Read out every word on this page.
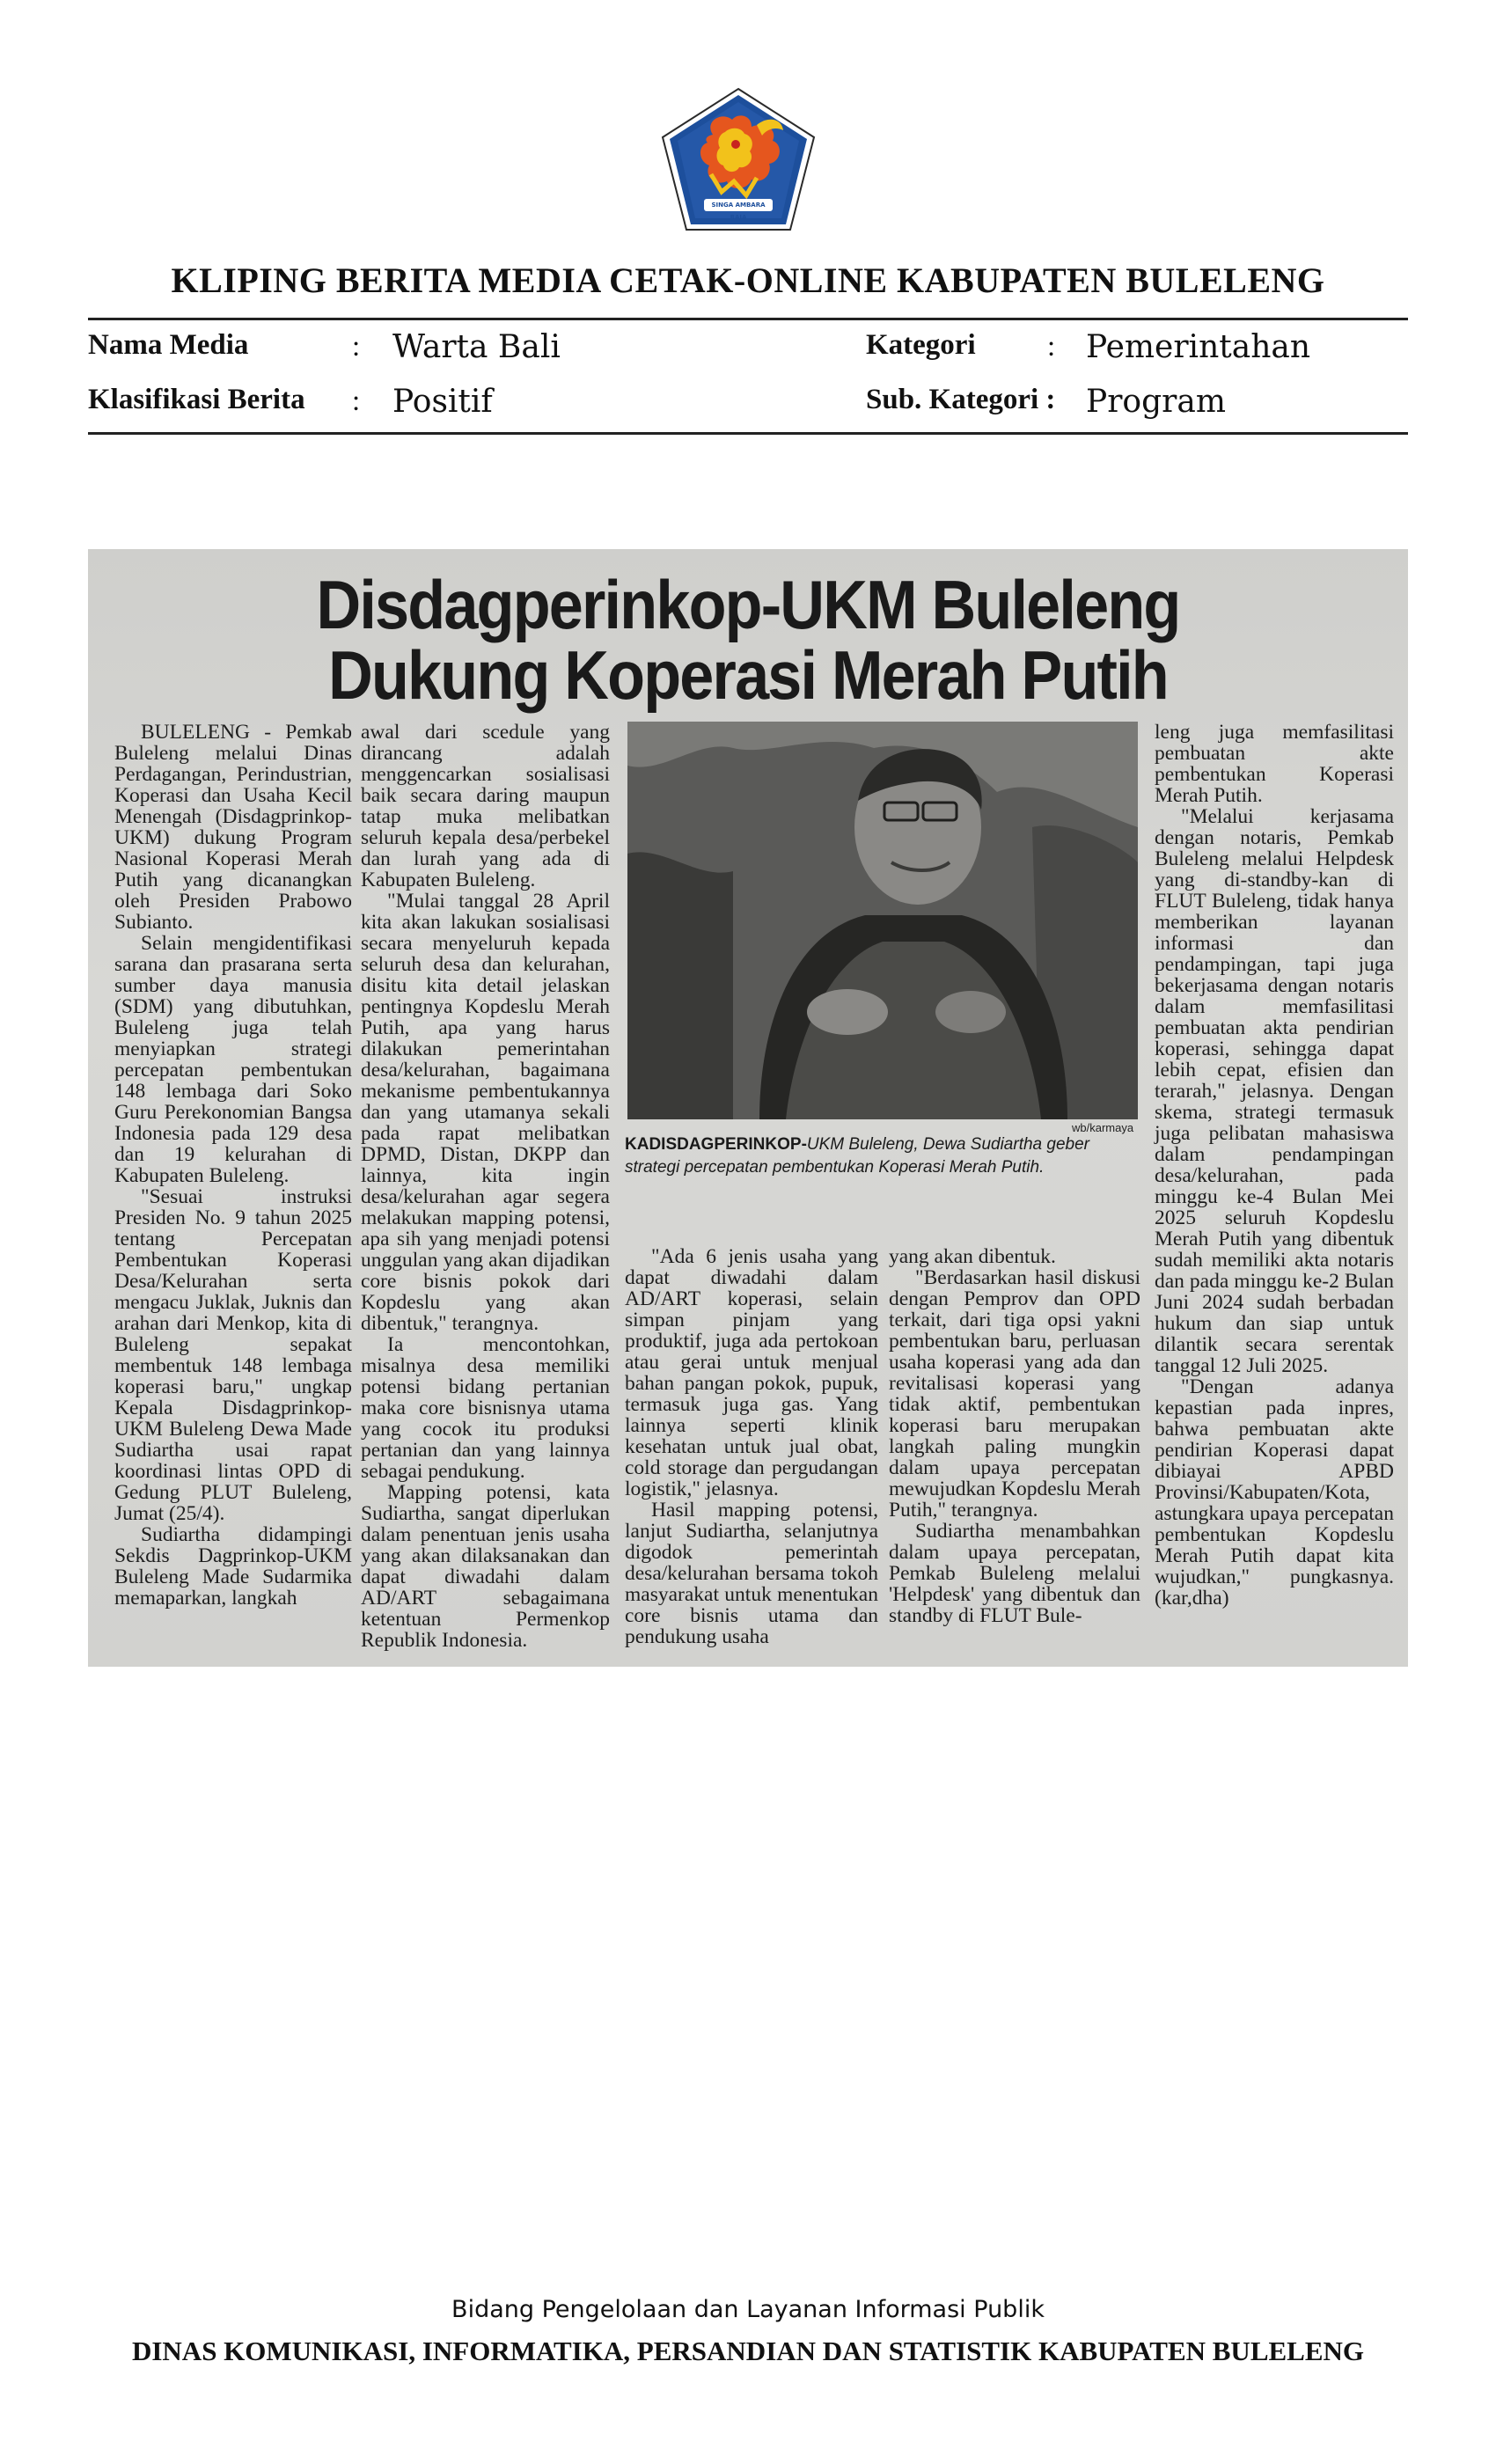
SINGA AMBARA RAJA
KLIPING BERITA MEDIA CETAK-ONLINE KABUPATEN BULELENG
Nama Media	: Warta Bali	Kategori : Pemerintahan
Klasifikasi Berita : Positif	Sub. Kategori : Program
Disdagperinkop-UKM Buleleng
Dukung Koperasi Merah Putih

BULELENG - Pemkab Buleleng melalui Dinas Perdagangan, Perindustrian, Koperasi dan Usaha Kecil Menengah (Disdagprinkop-UKM) dukung Program Nasional Koperasi Merah Putih yang dicanangkan oleh Presiden Prabowo Subianto.

Selain mengidentifikasi sarana dan prasarana serta sumber daya manusia (SDM) yang dibutuhkan, Buleleng juga telah menyiapkan strategi percepatan pembentukan 148 lembaga dari Soko Guru Perekonomian Bangsa Indonesia pada 129 desa dan 19 kelurahan di Kabupaten Buleleng.

"Sesuai instruksi Presiden No. 9 tahun 2025 tentang Percepatan Pembentukan Koperasi Desa/Kelurahan serta mengacu Juklak, Juknis dan arahan dari Menkop, kita di Buleleng sepakat membentuk 148 lembaga koperasi baru," ungkap Kepala Disdagprinkop-UKM Buleleng Dewa Made Sudiartha usai rapat koordinasi lintas OPD di Gedung PLUT Buleleng, Jumat (25/4).

Sudiartha didampingi Sekdis Dagprinkop-UKM Buleleng Made Sudarmika memaparkan, langkah

awal dari scedule yang dirancang adalah menggencarkan sosialisasi baik secara daring maupun tatap muka melibatkan seluruh kepala desa/perbekel dan lurah yang ada di Kabupaten Buleleng.

"Mulai tanggal 28 April kita akan lakukan sosialisasi secara menyeluruh kepada seluruh desa dan kelurahan, disitu kita detail jelaskan pentingnya Kopdeslu Merah Putih, apa yang harus dilakukan pemerintahan desa/kelurahan, bagaimana mekanisme pembentukannya dan yang utamanya sekali pada rapat melibatkan DPMD, Distan, DKPP dan lainnya, kita ingin desa/kelurahan agar segera melakukan mapping potensi, apa sih yang menjadi potensi unggulan yang akan dijadikan core bisnis pokok dari Kopdeslu yang akan dibentuk," terangnya.

Ia mencontohkan, misalnya desa memiliki potensi bidang pertanian maka core bisnisnya utama yang cocok itu produksi pertanian dan yang lainnya sebagai pendukung.

Mapping potensi, kata Sudiartha, sangat diperlukan dalam penentuan jenis usaha yang akan dilaksanakan dan dapat diwadahi dalam AD/ART sebagaimana ketentuan Permenkop Republik Indonesia.

wb/karmaya
KADISDAGPERINKOP-UKM Buleleng, Dewa Sudiartha geber strategi percepatan pembentukan Koperasi Merah Putih.

"Ada 6 jenis usaha yang dapat diwadahi dalam AD/ART koperasi, selain simpan pinjam yang produktif, juga ada pertokoan atau gerai untuk menjual bahan pangan pokok, pupuk, termasuk juga gas. Yang lainnya seperti klinik kesehatan untuk jual obat, cold storage dan pergudangan logistik," jelasnya.

Hasil mapping potensi, lanjut Sudiartha, selanjutnya digodok pemerintah desa/kelurahan bersama tokoh masyarakat untuk menentukan core bisnis utama dan pendukung usaha

yang akan dibentuk.

"Berdasarkan hasil diskusi dengan Pemprov dan OPD terkait, dari tiga opsi yakni pembentukan baru, perluasan usaha koperasi yang ada dan revitalisasi koperasi yang tidak aktif, pembentukan koperasi baru merupakan langkah paling mungkin dalam upaya percepatan mewujudkan Kopdeslu Merah Putih," terangnya.

Sudiartha menambahkan dalam upaya percepatan, Pemkab Buleleng melalui 'Helpdesk' yang dibentuk dan standby di FLUT Bule-

leng juga memfasilitasi pembuatan akte pembentukan Koperasi Merah Putih.

"Melalui kerjasama dengan notaris, Pemkab Buleleng melalui Helpdesk yang di-standby-kan di FLUT Buleleng, tidak hanya memberikan layanan informasi dan pendampingan, tapi juga bekerjasama dengan notaris dalam memfasilitasi pembuatan akta pendirian koperasi, sehingga dapat lebih cepat, efisien dan terarah," jelasnya. Dengan skema, strategi termasuk juga pelibatan mahasiswa dalam pendampingan desa/kelurahan, pada minggu ke-4 Bulan Mei 2025 seluruh Kopdeslu Merah Putih yang dibentuk sudah memiliki akta notaris dan pada minggu ke-2 Bulan Juni 2024 sudah berbadan hukum dan siap untuk dilantik secara serentak tanggal 12 Juli 2025.

"Dengan adanya kepastian pada inpres, bahwa pembuatan akte pendirian Koperasi dapat dibiayai APBD Provinsi/Kabupaten/Kota, astungkara upaya percepatan pembentukan Kopdeslu Merah Putih dapat kita wujudkan," pungkasnya. (kar,dha)

Bidang Pengelolaan dan Layanan Informasi Publik
DINAS KOMUNIKASI, INFORMATIKA, PERSANDIAN DAN STATISTIK KABUPATEN BULELENG
